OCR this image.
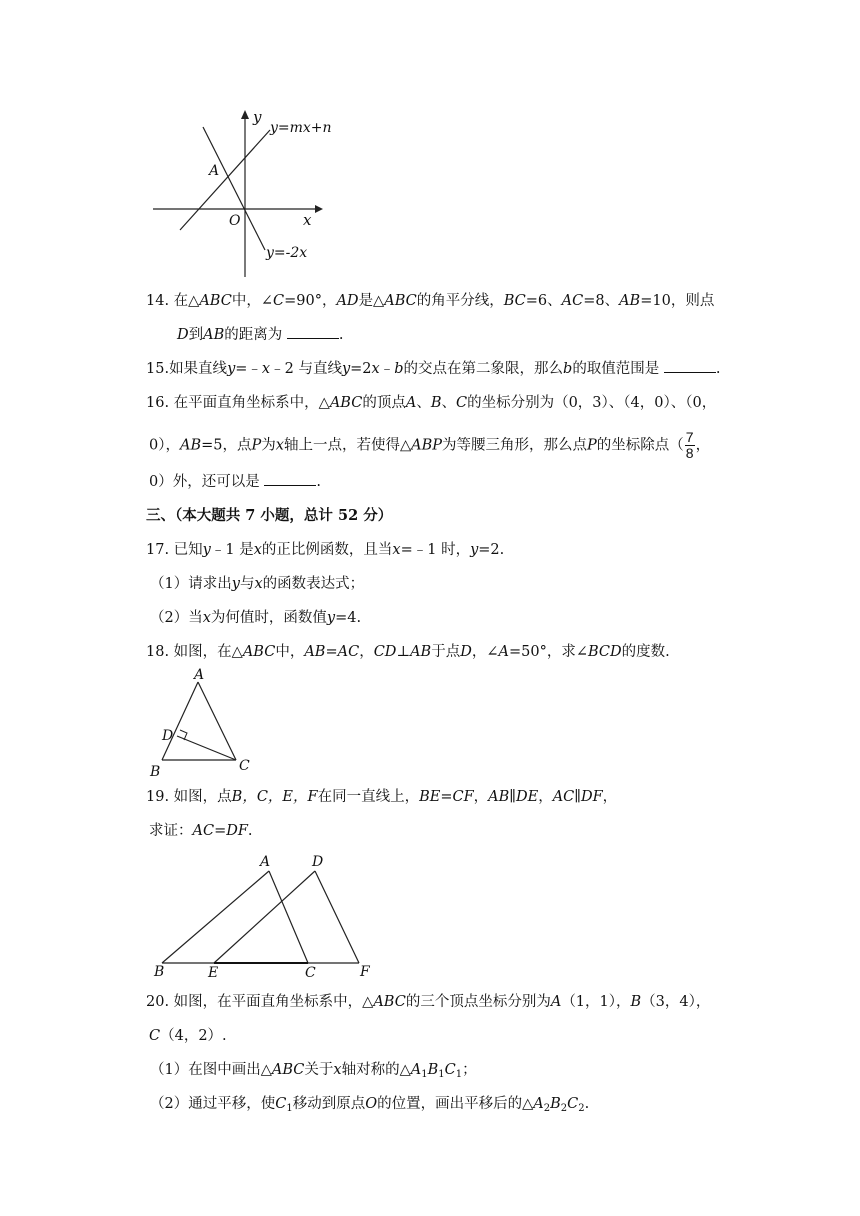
y
y=mx+n
A
O	x
y=-2x
14. 在△ABC中，∠C=90°，AD是△ABC的角平分线，BC=6、AC=8、AB=10，则点
D到AB的距离为	.
15.如果直线y=﹣x﹣2 与直线y=2x﹣b的交点在第二象限，那么b的取值范围是	.
16. 在平面直角坐标系中，△ABC的顶点A、B、C的坐标分别为（0，3）、（4，0）、（0，
0），AB=5，点P为x轴上一点，若使得△ABP为等腰三角形，那么点P的坐标除点（ $\frac{7}{8}$ ，
0）外，还可以是	.
三、（本大题共 7 小题，总计 52 分）
17. 已知y﹣1 是x的正比例函数，且当x=﹣1 时，y=2.
（1）请求出y与x的函数表达式；
（2）当x为何值时，函数值y=4.
18. 如图，在△ABC中，AB=AC，CD⊥AB于点D，∠A=50°，求∠BCD的度数.
A
D
B	C
19. 如图，点B，C，E，F在同一直线上，BE=CF，AB∥DE，AC∥DF，
求证：AC=DF.
A	D
B	E	C	F
20. 如图，在平面直角坐标系中，△ABC的三个顶点坐标分别为A（1，1），B（3，4），
C（4，2）.
（1）在图中画出△ABC关于x轴对称的$\triangle A_1B_1C_1$；
（2）通过平移，使$C_1$移动到原点O的位置，画出平移后的$\triangle A_2B_2C_2$.
